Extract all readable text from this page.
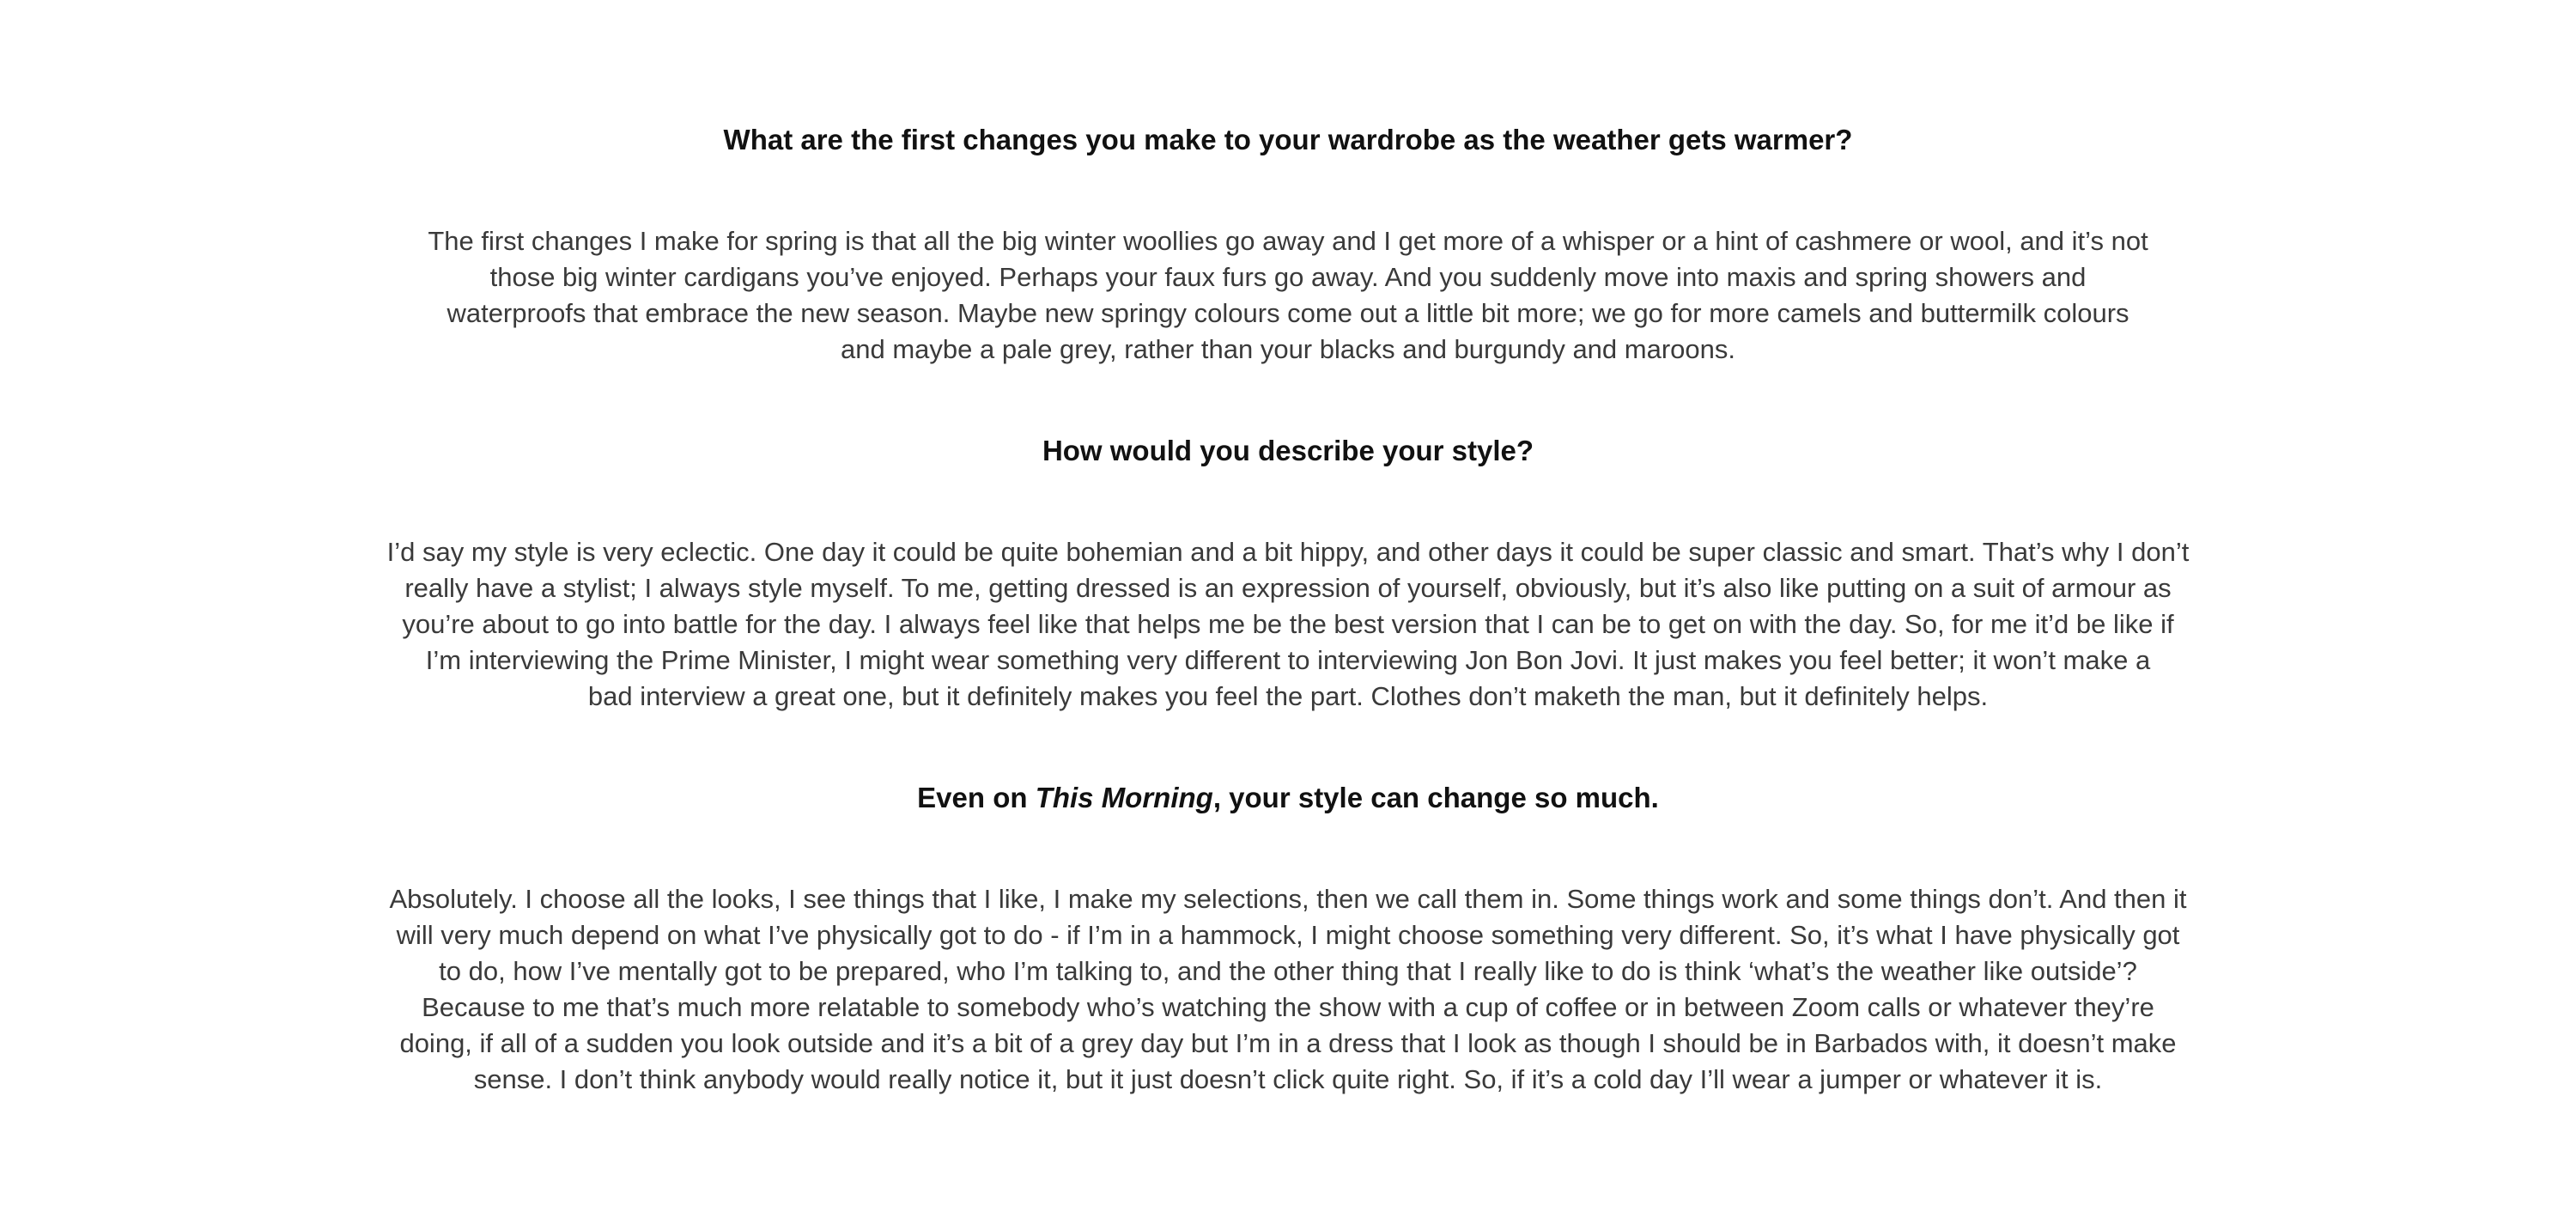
What are the first changes you make to your wardrobe as the weather gets warmer?
The first changes I make for spring is that all the big winter woollies go away and I get more of a whisper or a hint of cashmere or wool, and it’s not
those big winter cardigans you’ve enjoyed. Perhaps your faux furs go away. And you suddenly move into maxis and spring showers and
waterproofs that embrace the new season. Maybe new springy colours come out a little bit more; we go for more camels and buttermilk colours
and maybe a pale grey, rather than your blacks and burgundy and maroons.
How would you describe your style?
I’d say my style is very eclectic. One day it could be quite bohemian and a bit hippy, and other days it could be super classic and smart. That’s why I don’t
really have a stylist; I always style myself. To me, getting dressed is an expression of yourself, obviously, but it’s also like putting on a suit of armour as
you’re about to go into battle for the day. I always feel like that helps me be the best version that I can be to get on with the day. So, for me it’d be like if
I’m interviewing the Prime Minister, I might wear something very different to interviewing Jon Bon Jovi. It just makes you feel better; it won’t make a
bad interview a great one, but it definitely makes you feel the part. Clothes don’t maketh the man, but it definitely helps.
Even on This Morning, your style can change so much.
Absolutely. I choose all the looks, I see things that I like, I make my selections, then we call them in. Some things work and some things don’t. And then it
will very much depend on what I’ve physically got to do - if I’m in a hammock, I might choose something very different. So, it’s what I have physically got
to do, how I’ve mentally got to be prepared, who I’m talking to, and the other thing that I really like to do is think ‘what’s the weather like outside’?
Because to me that’s much more relatable to somebody who’s watching the show with a cup of coffee or in between Zoom calls or whatever they’re
doing, if all of a sudden you look outside and it’s a bit of a grey day but I’m in a dress that I look as though I should be in Barbados with, it doesn’t make
sense. I don’t think anybody would really notice it, but it just doesn’t click quite right. So, if it’s a cold day I’ll wear a jumper or whatever it is.
